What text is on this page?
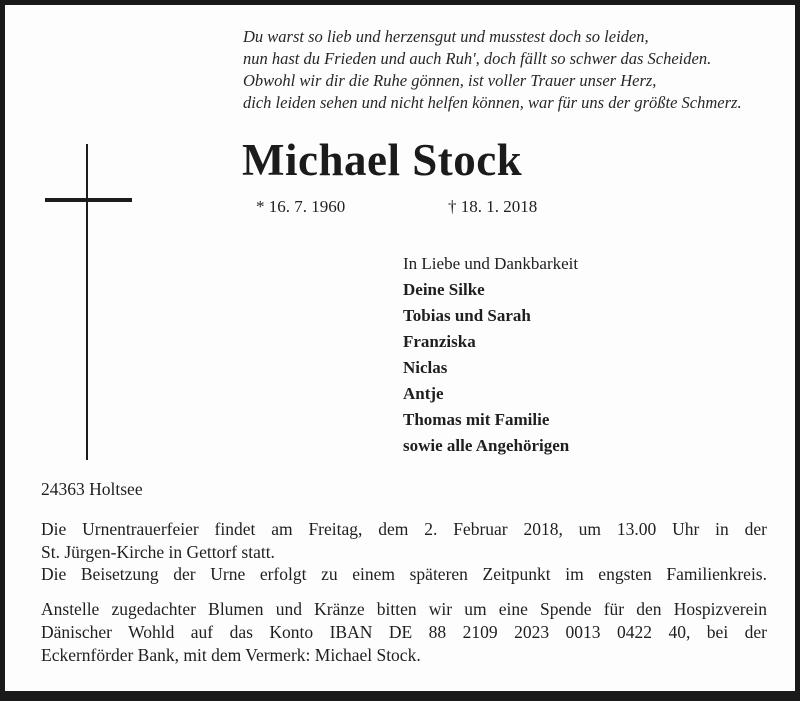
Du warst so lieb und herzensgut und musstest doch so leiden,
nun hast du Frieden und auch Ruh', doch fällt so schwer das Scheiden.
Obwohl wir dir die Ruhe gönnen, ist voller Trauer unser Herz,
dich leiden sehen und nicht helfen können, war für uns der größte Schmerz.
Michael Stock
* 16. 7. 1960	† 18. 1. 2018
In Liebe und Dankbarkeit
Deine Silke
Tobias und Sarah
Franziska
Niclas
Antje
Thomas mit Familie
sowie alle Angehörigen
24363 Holtsee
Die Urnentrauerfeier findet am Freitag, dem 2. Februar 2018, um 13.00 Uhr in der
St. Jürgen-Kirche in Gettorf statt.
Die Beisetzung der Urne erfolgt zu einem späteren Zeitpunkt im engsten Familienkreis.
Anstelle zugedachter Blumen und Kränze bitten wir um eine Spende für den Hospizverein
Dänischer Wohld auf das Konto IBAN DE 88 2109 2023 0013 0422 40, bei der
Eckernförder Bank, mit dem Vermerk: Michael Stock.
